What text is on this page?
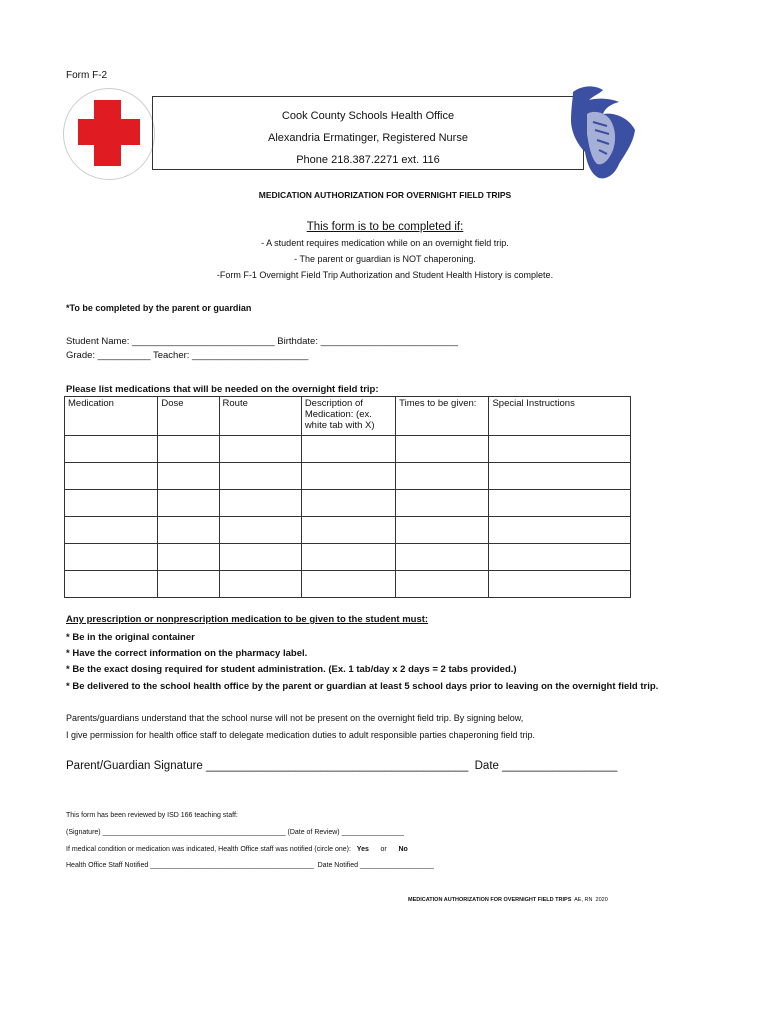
Form F-2
Cook County Schools Health Office
Alexandria Ermatinger, Registered Nurse
Phone 218.387.2271 ext. 116
MEDICATION AUTHORIZATION FOR OVERNIGHT FIELD TRIPS
This form is to be completed if:
- A student requires medication while on an overnight field trip.
- The parent or guardian is NOT chaperoning.
-Form F-1 Overnight Field Trip Authorization and Student Health History is complete.
*To be completed by the parent or guardian
Student Name: ___________________________ Birthdate: __________________________
Grade: __________ Teacher: ______________________
Please list medications that will be needed on the overnight field trip:
Medication	Dose	Route	Description of Medication: (ex. white tab with X)	Times to be given:	Special Instructions

Any prescription or nonprescription medication to be given to the student must:
* Be in the original container
* Have the correct information on the pharmacy label.
* Be the exact dosing required for student administration. (Ex. 1 tab/day x 2 days = 2 tabs provided.)
* Be delivered to the school health office by the parent or guardian at least 5 school days prior to leaving on the overnight field trip.
Parents/guardians understand that the school nurse will not be present on the overnight field trip. By signing below,
I give permission for health office staff to delegate medication duties to adult responsible parties chaperoning field trip.
Parent/Guardian Signature _________________________________________  Date __________________
This form has been reviewed by ISD 166 teaching staff:
(Signature) _______________________________________________ (Date of Review) ________________
If medical condition or medication was indicated, Health Office staff was notified (circle one): Yes or No
Health Office Staff Notified __________________________________________  Date Notified ___________________
MEDICATION AUTHORIZATION FOR OVERNIGHT FIELD TRIPS AE, RN 2020
